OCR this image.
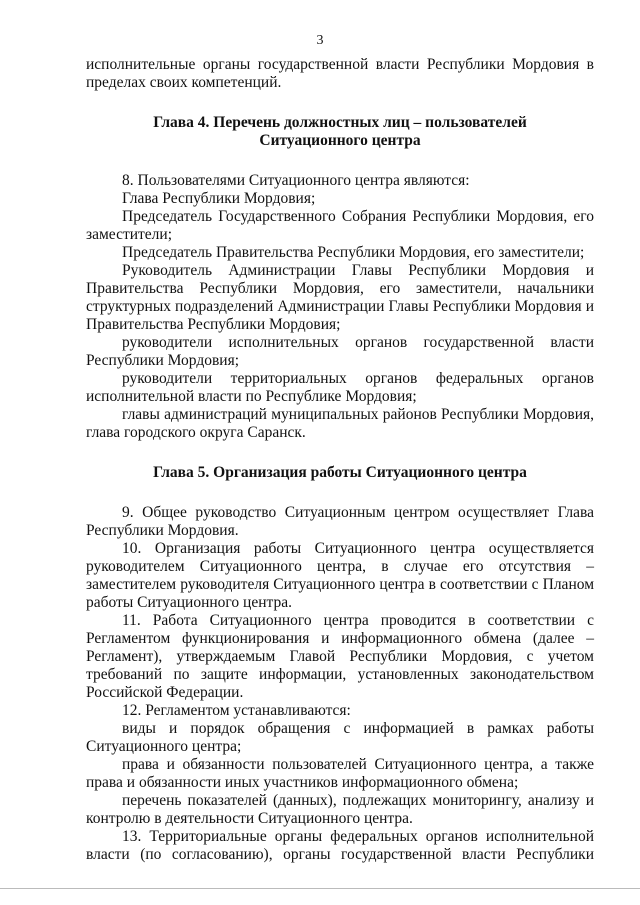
3

исполнительные органы государственной власти Республики Мордовия в

пределах своих компетенций.

Глава 4. Перечень должностных лиц – пользователей
Ситуационного центра

8. Пользователями Ситуационного центра являются:

Глава Республики Мордовия;

Председатель Государственного Собрания Республики Мордовия, его

заместители;

Председатель Правительства Республики Мордовия, его заместители;

Руководитель Администрации Главы Республики Мордовия и

Правительства Республики Мордовия, его заместители, начальники

структурных подразделений Администрации Главы Республики Мордовия и

Правительства Республики Мордовия;

руководители исполнительных органов государственной власти

Республики Мордовия;

руководители территориальных органов федеральных органов

исполнительной власти по Республике Мордовия;

главы администраций муниципальных районов Республики Мордовия,

глава городского округа Саранск.

Глава 5. Организация работы Ситуационного центра

9. Общее руководство Ситуационным центром осуществляет Глава

Республики Мордовия.

10. Организация работы Ситуационного центра осуществляется

руководителем Ситуационного центра, в случае его отсутствия –

заместителем руководителя Ситуационного центра в соответствии с Планом

работы Ситуационного центра.

11. Работа Ситуационного центра проводится в соответствии с

Регламентом функционирования и информационного обмена (далее –

Регламент), утверждаемым Главой Республики Мордовия, с учетом

требований по защите информации, установленных законодательством

Российской Федерации.

12. Регламентом устанавливаются:

виды и порядок обращения с информацией в рамках работы

Ситуационного центра;

права и обязанности пользователей Ситуационного центра, а также

права и обязанности иных участников информационного обмена;

перечень показателей (данных), подлежащих мониторингу, анализу и

контролю в деятельности Ситуационного центра.

13. Территориальные органы федеральных органов исполнительной

власти (по согласованию), органы государственной власти Республики
